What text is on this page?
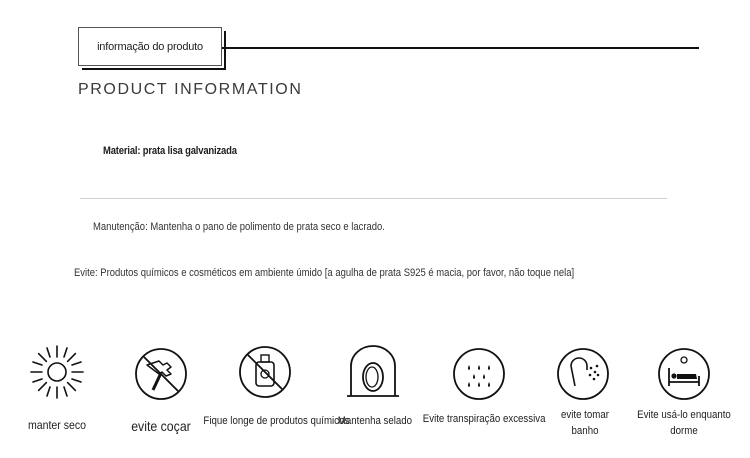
informação do produto
PRODUCT INFORMATION
Material: prata lisa galvanizada
Manutenção: Mantenha o pano de polimento de prata seco e lacrado.
Evite: Produtos químicos e cosméticos em ambiente úmido [a agulha de prata S925 é macia, por favor, não toque nela]
manter seco	evite coçar	Fique longe de produtos químicos
Mantenha selado Evite transpiração excessiva	evite tomar
banho
Evite usá-lo enquanto
dorme
